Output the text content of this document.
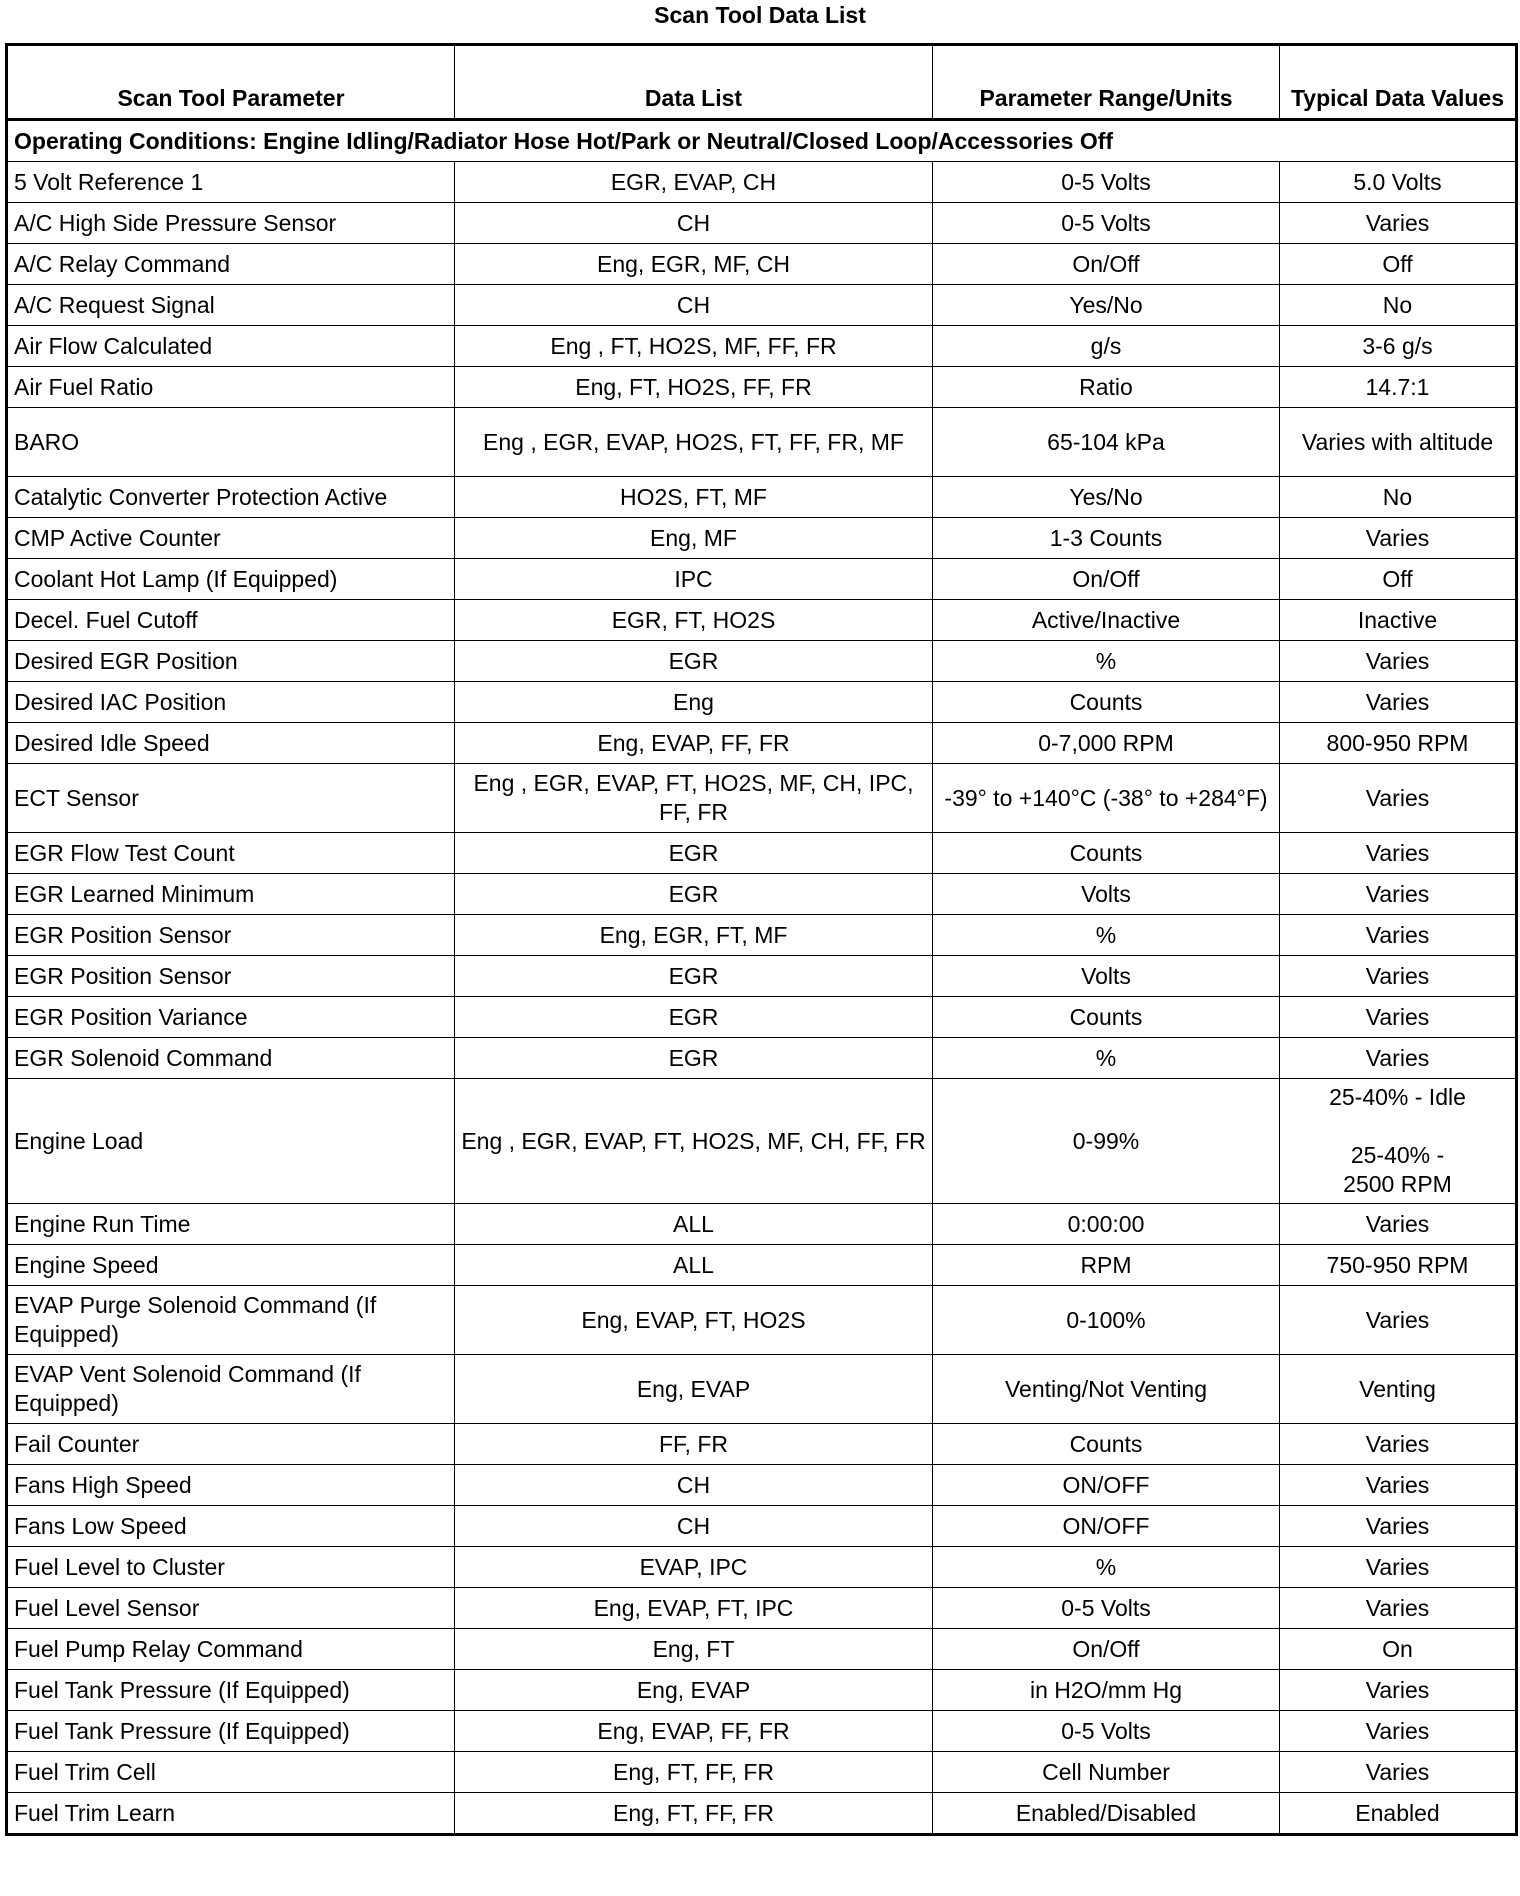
Scan Tool Data List
Scan Tool Parameter	Data List	Parameter Range/Units	Typical Data Values
Operating Conditions: Engine Idling/Radiator Hose Hot/Park or Neutral/Closed Loop/Accessories Off			
5 Volt Reference 1	EGR, EVAP, CH	0-5 Volts	5.0 Volts
A/C High Side Pressure Sensor	CH	0-5 Volts	Varies
A/C Relay Command	Eng, EGR, MF, CH	On/Off	Off
A/C Request Signal	CH	Yes/No	No
Air Flow Calculated	Eng , FT, HO2S, MF, FF, FR	g/s	3-6 g/s
Air Fuel Ratio	Eng, FT, HO2S, FF, FR	Ratio	14.7:1
BARO	Eng , EGR, EVAP, HO2S, FT, FF, FR, MF	65-104 kPa	Varies with altitude
Catalytic Converter Protection Active	HO2S, FT, MF	Yes/No	No
CMP Active Counter	Eng, MF	1-3 Counts	Varies
Coolant Hot Lamp (If Equipped)	IPC	On/Off	Off
Decel. Fuel Cutoff	EGR, FT, HO2S	Active/Inactive	Inactive
Desired EGR Position	EGR	%	Varies
Desired IAC Position	Eng	Counts	Varies
Desired Idle Speed	Eng, EVAP, FF, FR	0-7,000 RPM	800-950 RPM
ECT Sensor	Eng , EGR, EVAP, FT, HO2S, MF, CH, IPC, FF, FR	-39° to +140°C (-38° to +284°F)	Varies
EGR Flow Test Count	EGR	Counts	Varies
EGR Learned Minimum	EGR	Volts	Varies
EGR Position Sensor	Eng, EGR, FT, MF	%	Varies
EGR Position Sensor	EGR	Volts	Varies
EGR Position Variance	EGR	Counts	Varies
EGR Solenoid Command	EGR	%	Varies
Engine Load	Eng , EGR, EVAP, FT, HO2S, MF, CH, FF, FR	0-99%	25-40% - Idle
25-40% -
2500 RPM

Engine Run Time	ALL	0:00:00	Varies
Engine Speed	ALL	RPM	750-950 RPM
EVAP Purge Solenoid Command (If Equipped)	Eng, EVAP, FT, HO2S	0-100%	Varies
EVAP Vent Solenoid Command (If Equipped)	Eng, EVAP	Venting/Not Venting	Venting
Fail Counter	FF, FR	Counts	Varies
Fans High Speed	CH	ON/OFF	Varies
Fans Low Speed	CH	ON/OFF	Varies
Fuel Level to Cluster	EVAP, IPC	%	Varies
Fuel Level Sensor	Eng, EVAP, FT, IPC	0-5 Volts	Varies
Fuel Pump Relay Command	Eng, FT	On/Off	On
Fuel Tank Pressure (If Equipped)	Eng, EVAP	in H2O/mm Hg	Varies
Fuel Tank Pressure (If Equipped)	Eng, EVAP, FF, FR	0-5 Volts	Varies
Fuel Trim Cell	Eng, FT, FF, FR	Cell Number	Varies
Fuel Trim Learn	Eng, FT, FF, FR	Enabled/Disabled	Enabled
